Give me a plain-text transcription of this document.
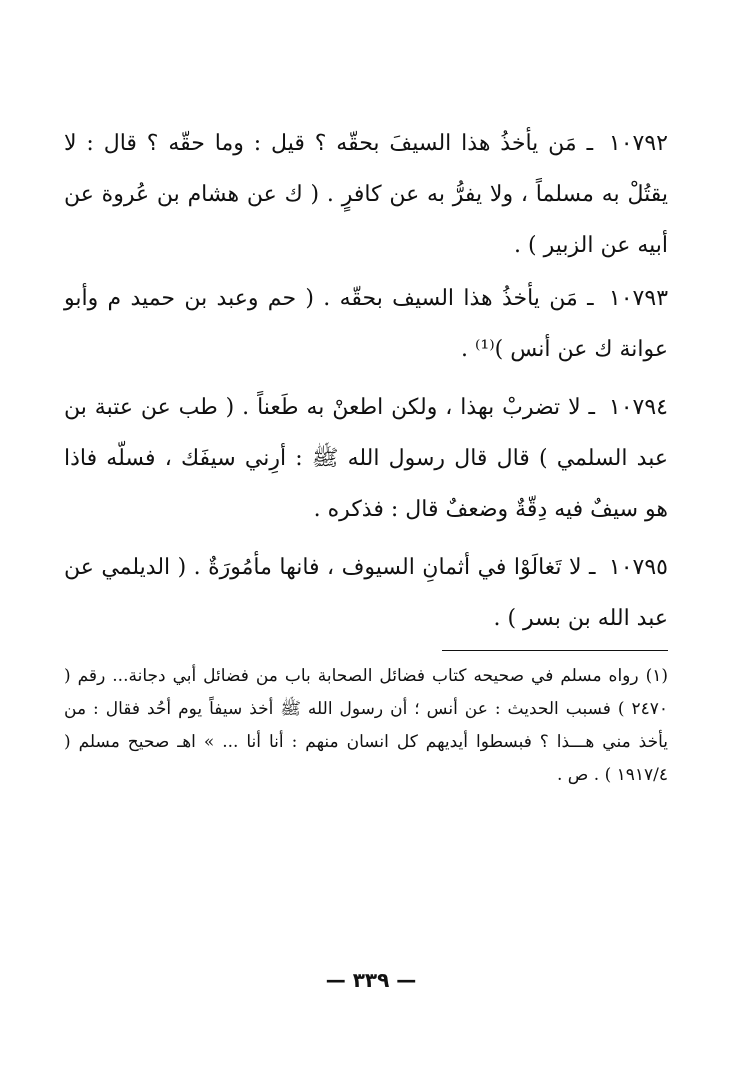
١٠٧٩٢ ـ مَن يأخذُ هذا السيفَ بحقّه ؟ قيل : وما حقّه ؟ قال : لا يقتُلْ به مسلماً ، ولا يفرُّ به عن كافرٍ . ( ك عن هشام بن عُروة عن أبيه عن الزبير ) .

١٠٧٩٣ ـ مَن يأخذُ هذا السيف بحقّه . ( حم وعبد بن حميد م وأبو عوانة ك عن أنس )⁽¹⁾ .

١٠٧٩٤ ـ لا تضربْ بهذا ، ولكن اطعنْ به طَعناً . ( طب عن عتبة بن عبد السلمي ) قال قال رسول الله ﷺ : أرِني سيفَك ، فسلّه فاذا هو سيفٌ فيه دِقّةٌ وضعفٌ قال : فذكره .

١٠٧٩٥ ـ لا تَغالَوْا في أثمانِ السيوف ، فانها مأمُورَةٌ . ( الديلمي عن عبد الله بن بسر ) .

(١) رواه مسلم في صحيحه كتاب فضائل الصحابة باب من فضائل أبي دجانة... رقم ( ٢٤٧٠ ) فسبب الحديث : عن أنس ؛ أن رسول الله ﷺ أخذ سيفاً يوم أحُد فقال : من يأخذ مني هـــذا ؟ فبسطوا أيديهم كل انسان منهم : أنا أنا ... » اهـ صحيح مسلم ( ١٩١٧/٤ ) . ص .

— ٣٣٩ —
